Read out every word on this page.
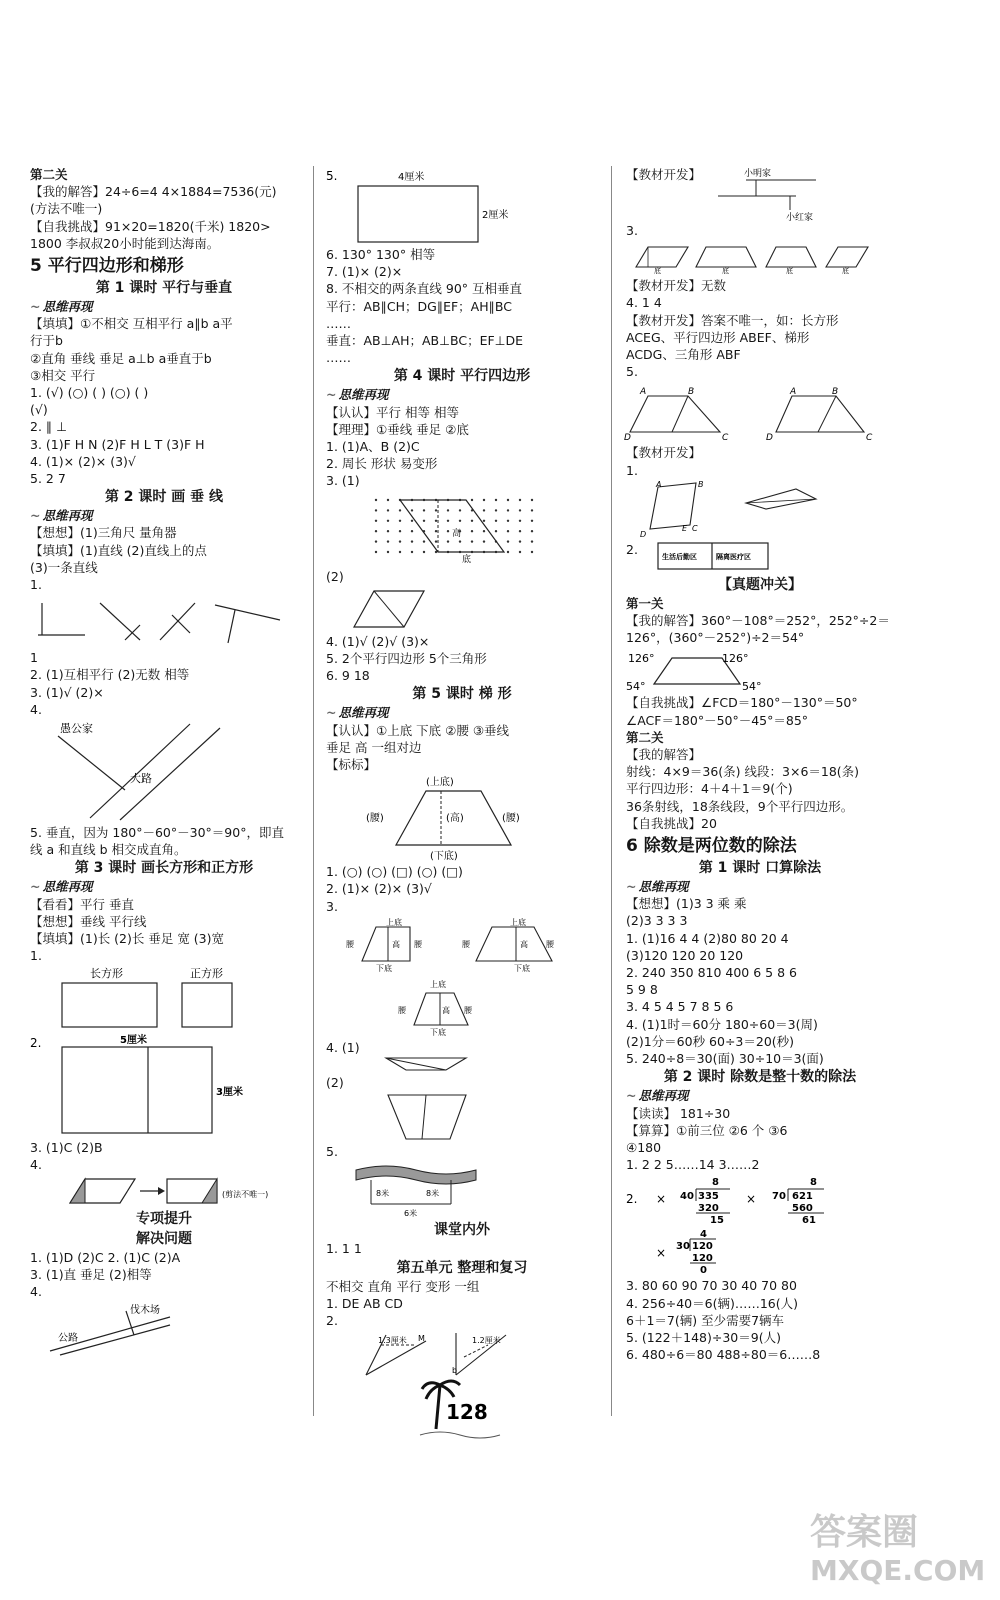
第二关
【我的解答】24÷6=4 4×1884=7536(元)
(方法不唯一)
【自我挑战】91×20=1820(千米) 1820>
1800 李叔叔20小时能到达海南。
5 平行四边形和梯形
第 1 课时 平行与垂直
~ 思维再现
【填填】①不相交 互相平行 a∥b a平
行于b
②直角 垂线 垂足 a⊥b a垂直于b
③相交 平行
1. (√) (○) ( ) (○) ( )
(√)
2. ∥ ⊥
3. (1)F H N (2)F H L T (3)F H
4. (1)× (2)× (3)√
5. 2 7
第 2 课时 画 垂 线
~ 思维再现
【想想】(1)三角尺 量角器
【填填】(1)直线 (2)直线上的点
(3)一条直线
1.
1
2. (1)互相平行 (2)无数 相等
3. (1)√ (2)×
4.
愚公家
大路
5. 垂直，因为 180°－60°－30°＝90°，即直
线 a 和直线 b 相交成直角。
第 3 课时 画长方形和正方形
~ 思维再现
【看看】平行 垂直
【想想】垂线 平行线
【填填】(1)长 (2)长 垂足 宽 (3)宽
1.
长方形	正方形
2.	5厘米
3厘米
3. (1)C (2)B
4.
(剪法不唯一)
专项提升
解决问题
1. (1)D (2)C 2. (1)C (2)A
3. (1)直 垂足 (2)相等
4.
伐木场
公路
5.	4厘米
2厘米
6. 130° 130° 相等
7. (1)× (2)×
8. 不相交的两条直线 90° 互相垂直
平行：AB∥CH；DG∥EF；AH∥BC
……
垂直：AB⊥AH；AB⊥BC；EF⊥DE
……
第 4 课时 平行四边形
~ 思维再现
【认认】平行 相等 相等
【理理】①垂线 垂足 ②底
1. (1)A、B (2)C
2. 周长 形状 易变形
3. (1)
高
底
(2)
4. (1)√ (2)√ (3)×
5. 2个平行四边形 5个三角形
6. 9 18
第 5 课时 梯 形
~ 思维再现
【认认】①上底 下底 ②腰 ③垂线
垂足 高 一组对边
【标标】
(上底)
(腰)	(高)	(腰)
(下底)
1. (○) (○) (□) (○) (□)
2. (1)× (2)× (3)√
3.
上底
高
腰	腰
下底
上底
高
腰	腰
下底
上底
高
腰	腰
下底
4. (1)
(2)
5.
8米	8米
6米
课堂内外
1. 1 1
第五单元 整理和复习
不相交 直角 平行 变形 一组
1. DE AB CD
2.
1.3厘米 M	1.2厘米
b
【教材开发】	小明家
小红家
3.
底	底	底	底
【教材开发】无数
4. 1 4
【教材开发】答案不唯一，如：长方形
ACEG、平行四边形 ABEF、梯形
ACDG、三角形 ABF
5.
A	B
D	C
A	B
D	C
【教材开发】
1.
A	B
C
D
E
2.	生活后勤区	隔离医疗区
【真题冲关】
第一关
【我的解答】360°－108°＝252°，252°÷2＝
126°，(360°－252°)÷2＝54°
126°	126°
54°	54°
【自我挑战】∠FCD＝180°－130°＝50°
∠ACF＝180°－50°－45°＝85°
第二关
【我的解答】
射线：4×9＝36(条) 线段：3×6＝18(条)
平行四边形：4＋4＋1＝9(个)
36条射线，18条线段，9个平行四边形。
【自我挑战】20
6 除数是两位数的除法
第 1 课时 口算除法
~ 思维再现
【想想】(1)3 3 乘 乘
(2)3 3 3 3
1. (1)16 4 4 (2)80 80 20 4
(3)120 120 20 120
2. 240 350 810 400 6 5 8 6
5 9 8
3. 4 5 4 5 7 8 5 6
4. (1)1时＝60分 180÷60＝3(周)
(2)1分＝60秒 60÷3＝20(秒)
5. 240÷8＝30(面) 30÷10＝3(面)
第 2 课时 除数是整十数的除法
~ 思维再现
【读读】 181÷30
【算算】①前三位 ②6 个 ③6
④180
1. 2 2 5……14 3……2
2. ×
8
40 335
320
15
×
8
70 621
560
61
×
4
30 120
120
0
3. 80 60 90 70 30 40 70 80
4. 256÷40＝6(辆)……16(人)
6＋1＝7(辆) 至少需要7辆车
5. (122＋148)÷30＝9(人)
6. 480÷6＝80 488÷80＝6……8
128
答案圈
MXQE.COM
